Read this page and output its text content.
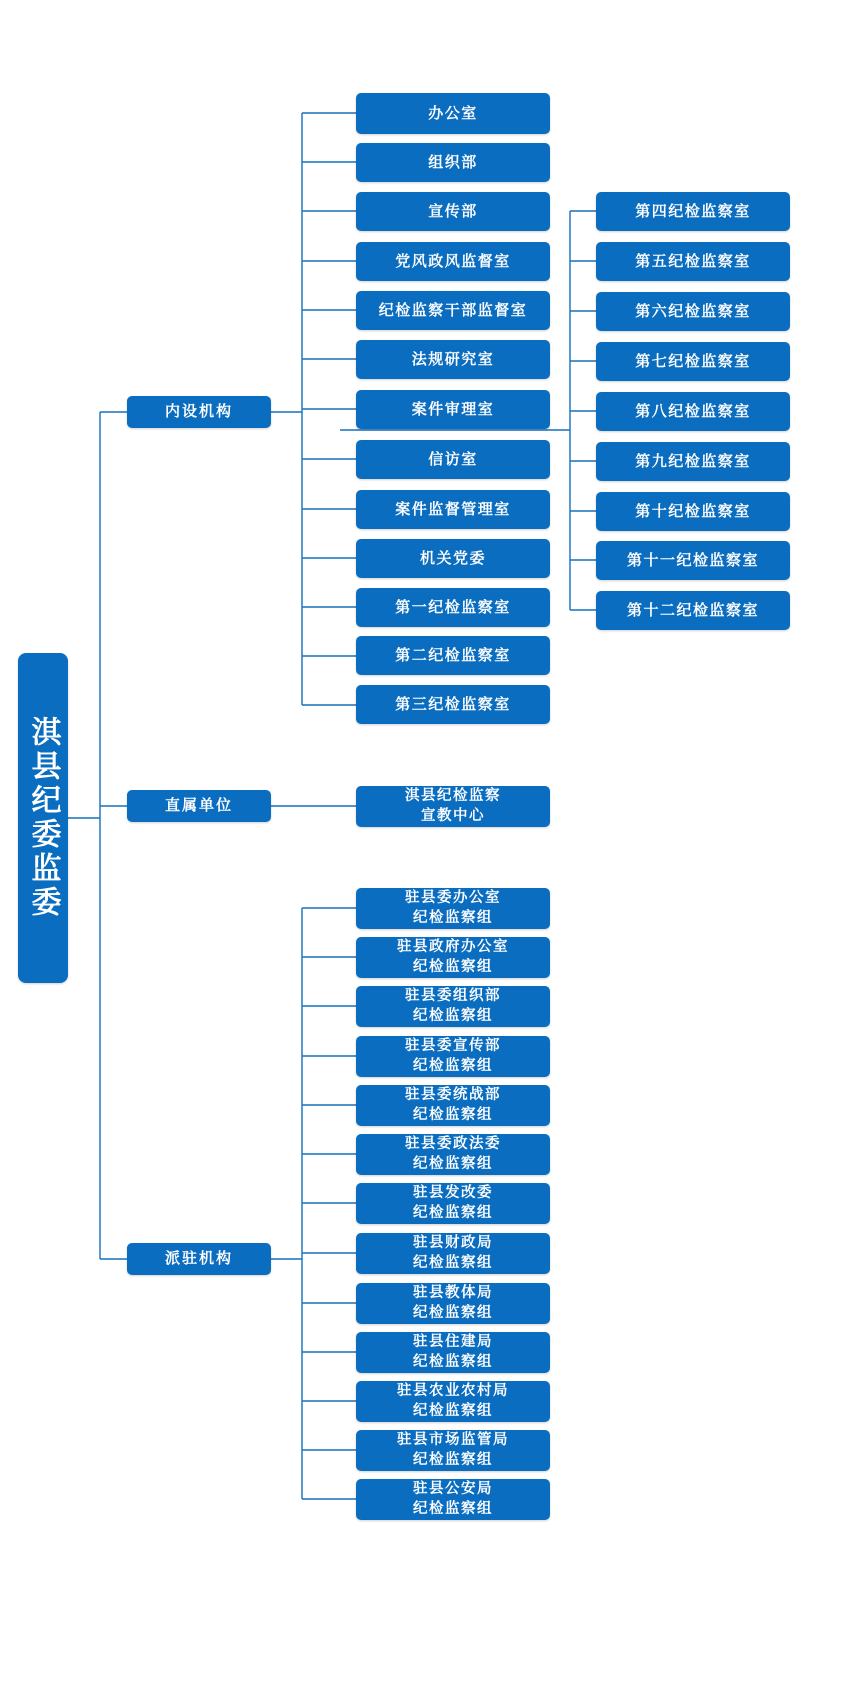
淇县纪委监委
内设机构
直属单位
派驻机构
办公室
组织部
宣传部
党风政风监督室
纪检监察干部监督室
法规研究室
案件审理室
信访室
案件监督管理室
机关党委
第一纪检监察室
第二纪检监察室
第三纪检监察室
第四纪检监察室
第五纪检监察室
第六纪检监察室
第七纪检监察室
第八纪检监察室
第九纪检监察室
第十纪检监察室
第十一纪检监察室
第十二纪检监察室
淇县纪检监察
宣教中心
驻县委办公室
纪检监察组
驻县政府办公室
纪检监察组
驻县委组织部
纪检监察组
驻县委宣传部
纪检监察组
驻县委统战部
纪检监察组
驻县委政法委
纪检监察组
驻县发改委
纪检监察组
驻县财政局
纪检监察组
驻县教体局
纪检监察组
驻县住建局
纪检监察组
驻县农业农村局
纪检监察组
驻县市场监管局
纪检监察组
驻县公安局
纪检监察组
